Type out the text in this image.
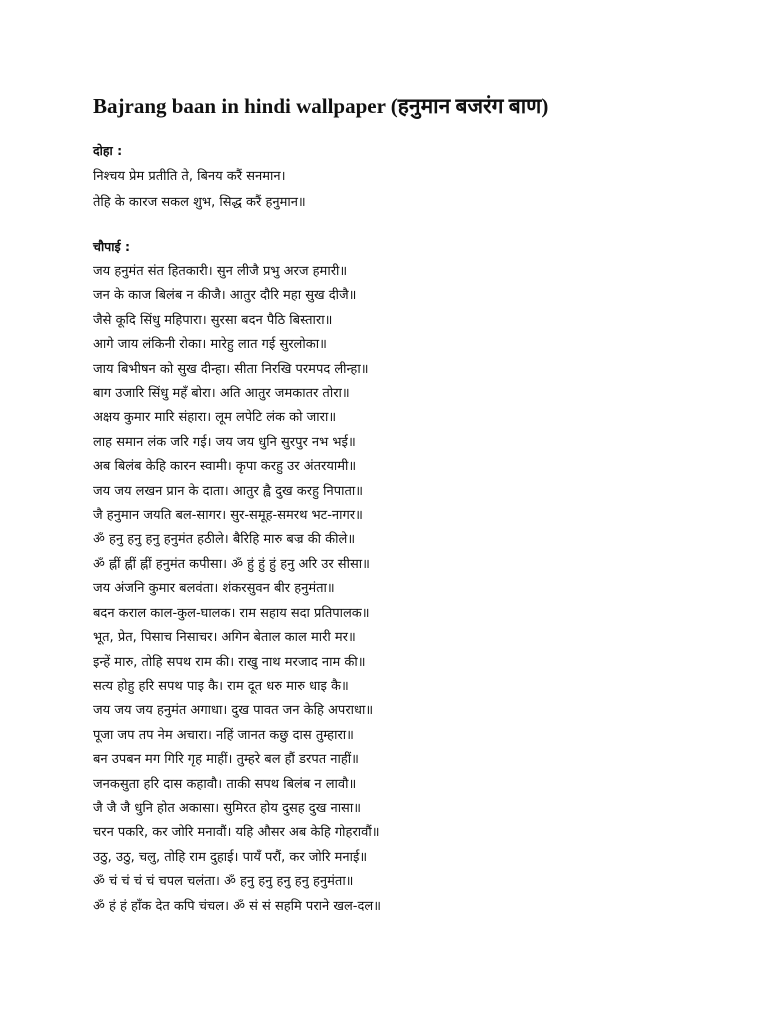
Bajrang baan in hindi wallpaper (हनुमान बजरंग बाण)
दोहा :

निश्चय प्रेम प्रतीति ते, बिनय करैं सनमान।

तेहि के कारज सकल शुभ, सिद्ध करैं हनुमान॥

चौपाई :

जय हनुमंत संत हितकारी। सुन लीजै प्रभु अरज हमारी॥

जन के काज बिलंब न कीजै। आतुर दौरि महा सुख दीजै॥

जैसे कूदि सिंधु महिपारा। सुरसा बदन पैठि बिस्तारा॥

आगे जाय लंकिनी रोका। मारेहु लात गई सुरलोका॥

जाय बिभीषन को सुख दीन्हा। सीता निरखि परमपद लीन्हा॥

बाग उजारि सिंधु महँ बोरा। अति आतुर जमकातर तोरा॥

अक्षय कुमार मारि संहारा। लूम लपेटि लंक को जारा॥

लाह समान लंक जरि गई। जय जय धुनि सुरपुर नभ भई॥

अब बिलंब केहि कारन स्वामी। कृपा करहु उर अंतरयामी॥

जय जय लखन प्रान के दाता। आतुर ह्वै दुख करहु निपाता॥

जै हनुमान जयति बल-सागर। सुर-समूह-समरथ भट-नागर॥

ॐ हनु हनु हनु हनुमंत हठीले। बैरिहि मारु बज्र की कीले॥

ॐ ह्नीं ह्नीं ह्नीं हनुमंत कपीसा। ॐ हुं हुं हुं हनु अरि उर सीसा॥

जय अंजनि कुमार बलवंता। शंकरसुवन बीर हनुमंता॥

बदन कराल काल-कुल-घालक। राम सहाय सदा प्रतिपालक॥

भूत, प्रेत, पिसाच निसाचर। अगिन बेताल काल मारी मर॥

इन्हें मारु, तोहि सपथ राम की। राखु नाथ मरजाद नाम की॥

सत्य होहु हरि सपथ पाइ कै। राम दूत धरु मारु धाइ कै॥

जय जय जय हनुमंत अगाधा। दुख पावत जन केहि अपराधा॥

पूजा जप तप नेम अचारा। नहिं जानत कछु दास तुम्हारा॥

बन उपबन मग गिरि गृह माहीं। तुम्हरे बल हौं डरपत नाहीं॥

जनकसुता हरि दास कहावौ। ताकी सपथ बिलंब न लावौ॥

जै जै जै धुनि होत अकासा। सुमिरत होय दुसह दुख नासा॥

चरन पकरि, कर जोरि मनावौं। यहि औसर अब केहि गोहरावौं॥

उठु, उठु, चलु, तोहि राम दुहाई। पायँ परौं, कर जोरि मनाई॥

ॐ चं चं चं चं चपल चलंता। ॐ हनु हनु हनु हनु हनुमंता॥

ॐ हं हं हाँक देत कपि चंचल। ॐ सं सं सहमि पराने खल-दल॥
